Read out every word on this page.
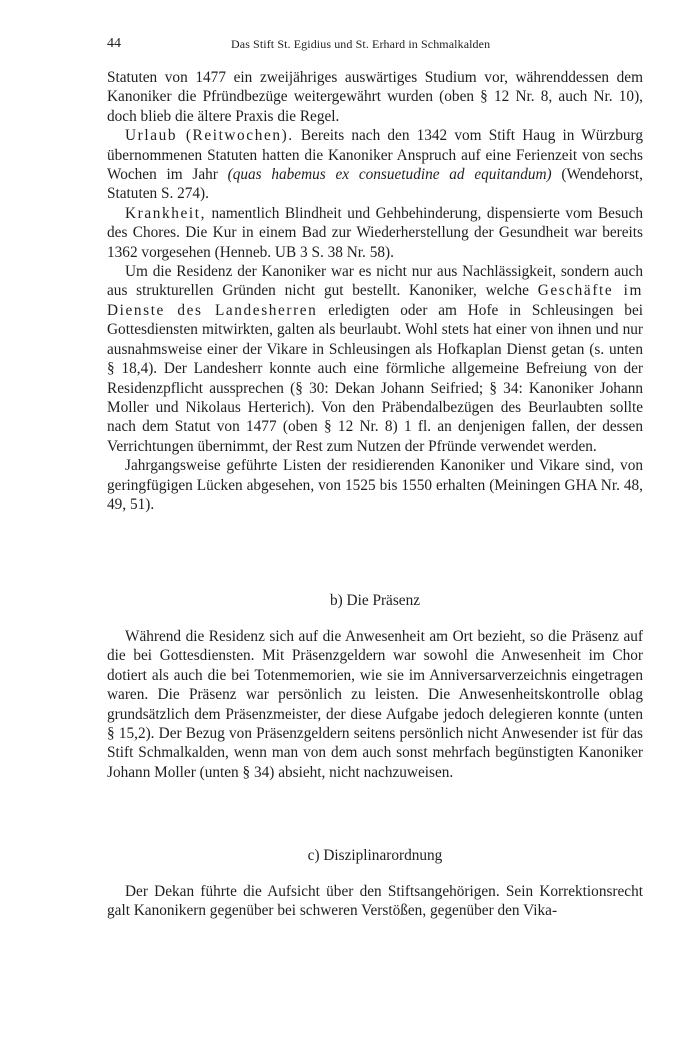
44	Das Stift St. Egidius und St. Erhard in Schmalkalden

Statuten von 1477 ein zweijähriges auswärtiges Studium vor, währenddessen dem Kanoniker die Pfründbezüge weitergewährt wurden (oben § 12 Nr. 8, auch Nr. 10), doch blieb die ältere Praxis die Regel.

Urlaub (Reitwochen). Bereits nach den 1342 vom Stift Haug in Würzburg übernommenen Statuten hatten die Kanoniker Anspruch auf eine Ferienzeit von sechs Wochen im Jahr (quas habemus ex consuetudine ad equitandum) (Wendehorst, Statuten S. 274).

Krankheit, namentlich Blindheit und Gehbehinderung, dispensierte vom Besuch des Chores. Die Kur in einem Bad zur Wiederherstellung der Gesundheit war bereits 1362 vorgesehen (Henneb. UB 3 S. 38 Nr. 58).

Um die Residenz der Kanoniker war es nicht nur aus Nachlässigkeit, sondern auch aus strukturellen Gründen nicht gut bestellt. Kanoniker, welche Geschäfte im Dienste des Landesherren erledigten oder am Hofe in Schleusingen bei Gottesdiensten mitwirkten, galten als beurlaubt. Wohl stets hat einer von ihnen und nur ausnahmsweise einer der Vikare in Schleusingen als Hofkaplan Dienst getan (s. unten § 18,4). Der Landesherr konnte auch eine förmliche allgemeine Befreiung von der Residenzpflicht aussprechen (§ 30: Dekan Johann Seifried; § 34: Kanoniker Johann Moller und Nikolaus Herterich). Von den Präbendalbezügen des Beurlaubten sollte nach dem Statut von 1477 (oben § 12 Nr. 8) 1 fl. an denjenigen fallen, der dessen Verrichtungen übernimmt, der Rest zum Nutzen der Pfründe verwendet werden.

Jahrgangsweise geführte Listen der residierenden Kanoniker und Vikare sind, von geringfügigen Lücken abgesehen, von 1525 bis 1550 erhalten (Meiningen GHA Nr. 48, 49, 51).

b) Die Präsenz

Während die Residenz sich auf die Anwesenheit am Ort bezieht, so die Präsenz auf die bei Gottesdiensten. Mit Präsenzgeldern war sowohl die Anwesenheit im Chor dotiert als auch die bei Totenmemorien, wie sie im Anniversarverzeichnis eingetragen waren. Die Präsenz war persönlich zu leisten. Die Anwesenheitskontrolle oblag grundsätzlich dem Präsenzmeister, der diese Aufgabe jedoch delegieren konnte (unten § 15,2). Der Bezug von Präsenzgeldern seitens persönlich nicht Anwesender ist für das Stift Schmalkalden, wenn man von dem auch sonst mehrfach begünstigten Kanoniker Johann Moller (unten § 34) absieht, nicht nachzuweisen.

c) Disziplinarordnung

Der Dekan führte die Aufsicht über den Stiftsangehörigen. Sein Korrektionsrecht galt Kanonikern gegenüber bei schweren Verstößen, gegenüber den Vika-
